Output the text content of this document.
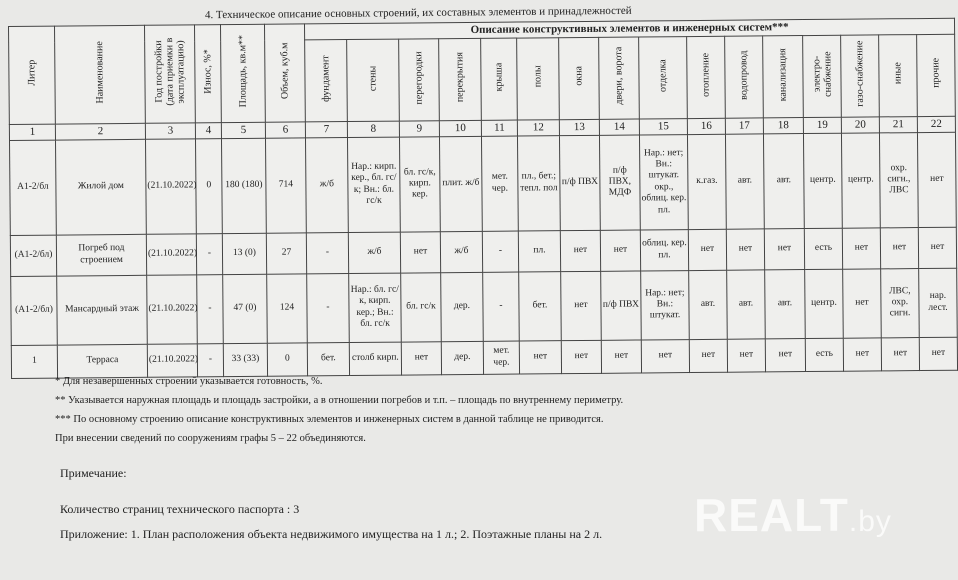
4. Техническое описание основных строений, их составных элементов и принадлежностей
Литер	Наименование	Год постройки (дата приемки в эксплуатацию)	Износ, %*	Площадь, кв.м**	Объем, куб.м	Описание конструктивных элементов и инженерных систем***															
						фундамент	стены	перегородки	перекрытия	крыша	полы	окна	двери, ворота	отделка	отопление	водопровод	канализация	электро-снабжение	газо-снабжение	иные	прочие
1	2	3	4	5	6	7	8	9	10	11	12	13	14	15	16	17	18	19	20	21	22
А1-2/бл	Жилой дом	(21.10.2022)	0	180 (180)	714	ж/б	Нар.: кирп. кер., бл. гс/к; Вн.: бл. гс/к	бл. гс/к, кирп. кер.	плит. ж/б	мет. чер.	пл., бет.; тепл. пол	п/ф ПВХ	п/ф ПВХ, МДФ	Нар.: нет; Вн.: штукат. окр., облиц. кер. пл.	к.газ.	авт.	авт.	центр.	центр.	охр. сигн., ЛВС	нет
(А1-2/бл)	Погреб под строением	(21.10.2022)	-	13 (0)	27	-	ж/б	нет	ж/б	-	пл.	нет	нет	облиц. кер. пл.	нет	нет	нет	есть	нет	нет	нет
(А1-2/бл)	Мансардный этаж	(21.10.2022)	-	47 (0)	124	-	Нар.: бл. гс/к, кирп. кер.; Вн.: бл. гс/к	бл. гс/к	дер.	-	бет.	нет	п/ф ПВХ	Нар.: нет; Вн.: штукат.	авт.	авт.	авт.	центр.	нет	ЛВС, охр. сигн.	нар. лест.
1	Терраса	(21.10.2022)	-	33 (33)	0	бет.	столб кирп.	нет	дер.	мет. чер.	нет	нет	нет	нет	нет	нет	нет	есть	нет	нет	нет
* Для незавершенных строений указывается готовность, %.
** Указывается наружная площадь и площадь застройки, а в отношении погребов и т.п. – площадь по внутреннему периметру.
*** По основному строению описание конструктивных элементов и инженерных систем в данной таблице не приводится.
При внесении сведений по сооружениям графы 5 – 22 объединяются.
Примечание:
Количество страниц технического паспорта : 3
Приложение: 1. План расположения объекта недвижимого имущества на 1 л.; 2. Поэтажные планы на 2 л. REALT.by
